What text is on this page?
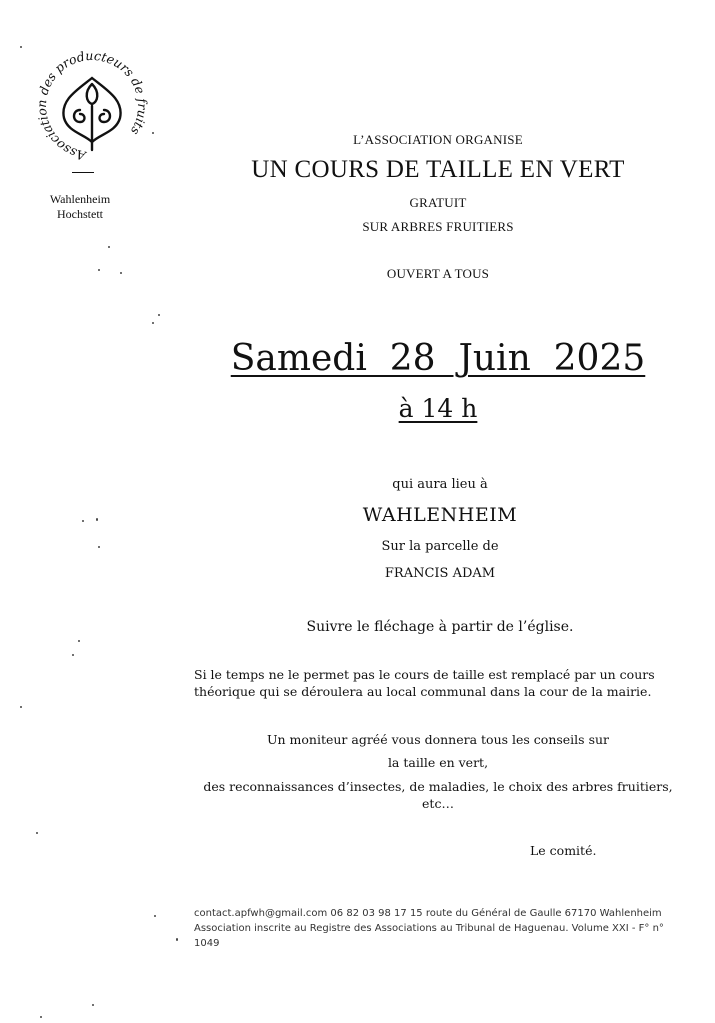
Association des producteurs de fruits
Wahlenheim
Hochstett
L’ASSOCIATION ORGANISE
UN COURS DE TAILLE EN VERT
GRATUIT
SUR ARBRES FRUITIERS
OUVERT A TOUS
Samedi  28  Juin  2025
à 14 h
qui aura lieu à
WAHLENHEIM
Sur la parcelle de
FRANCIS ADAM
Suivre le fléchage à partir de l’église.
Si le temps ne le permet pas le cours de taille est remplacé par un cours
théorique qui se déroulera au local communal dans la cour de la mairie.
Un moniteur agréé vous donnera tous les conseils sur
la taille en vert,
des reconnaissances d’insectes, de maladies, le choix des arbres fruitiers,
etc…
Le comité.
contact.apfwh@gmail.com 06 82 03 98 17 15 route du Général de Gaulle 67170 Wahlenheim
Association inscrite au Registre des Associations au Tribunal de Haguenau. Volume XXI - F° n°
1049
